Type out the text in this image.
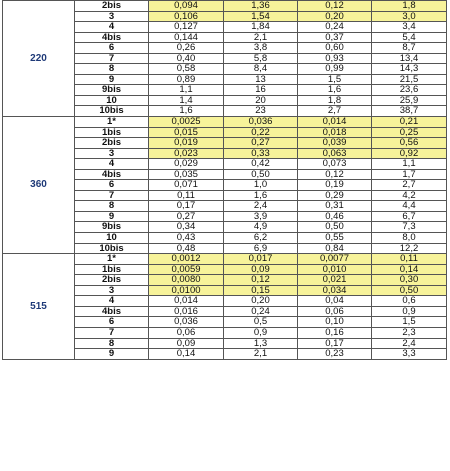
220	2bis	0,094	1,36	0,12	1,8
	3	0,106	1,54	0,20	3,0
	4	0,127	1,84	0,24	3,4
	4bis	0,144	2,1	0,37	5,4
	6	0,26	3,8	0,60	8,7
	7	0,40	5,8	0,93	13,4
	8	0,58	8,4	0,99	14,3
	9	0,89	13	1,5	21,5
	9bis	1,1	16	1,6	23,6
	10	1,4	20	1,8	25,9
	10bis	1,6	23	2,7	38,7
360	1*	0,0025	0,036	0,014	0,21
	1bis	0,015	0,22	0,018	0,25
	2bis	0,019	0,27	0,039	0,56
	3	0,023	0,33	0,063	0,92
	4	0,029	0,42	0,073	1,1
	4bis	0,035	0,50	0,12	1,7
	6	0,071	1,0	0,19	2,7
	7	0,11	1,6	0,29	4,2
	8	0,17	2,4	0,31	4,4
	9	0,27	3,9	0,46	6,7
	9bis	0,34	4,9	0,50	7,3
	10	0,43	6,2	0,55	8,0
	10bis	0,48	6,9	0,84	12,2
515	1*	0,0012	0,017	0,0077	0,11
	1bis	0,0059	0,09	0,010	0,14
	2bis	0,0080	0,12	0,021	0,30
	3	0,0100	0,15	0,034	0,50
	4	0,014	0,20	0,04	0,6
	4bis	0,016	0,24	0,06	0,9
	6	0,036	0,5	0,10	1,5
	7	0,06	0,9	0,16	2,3
	8	0,09	1,3	0,17	2,4
	9	0,14	2,1	0,23	3,3
